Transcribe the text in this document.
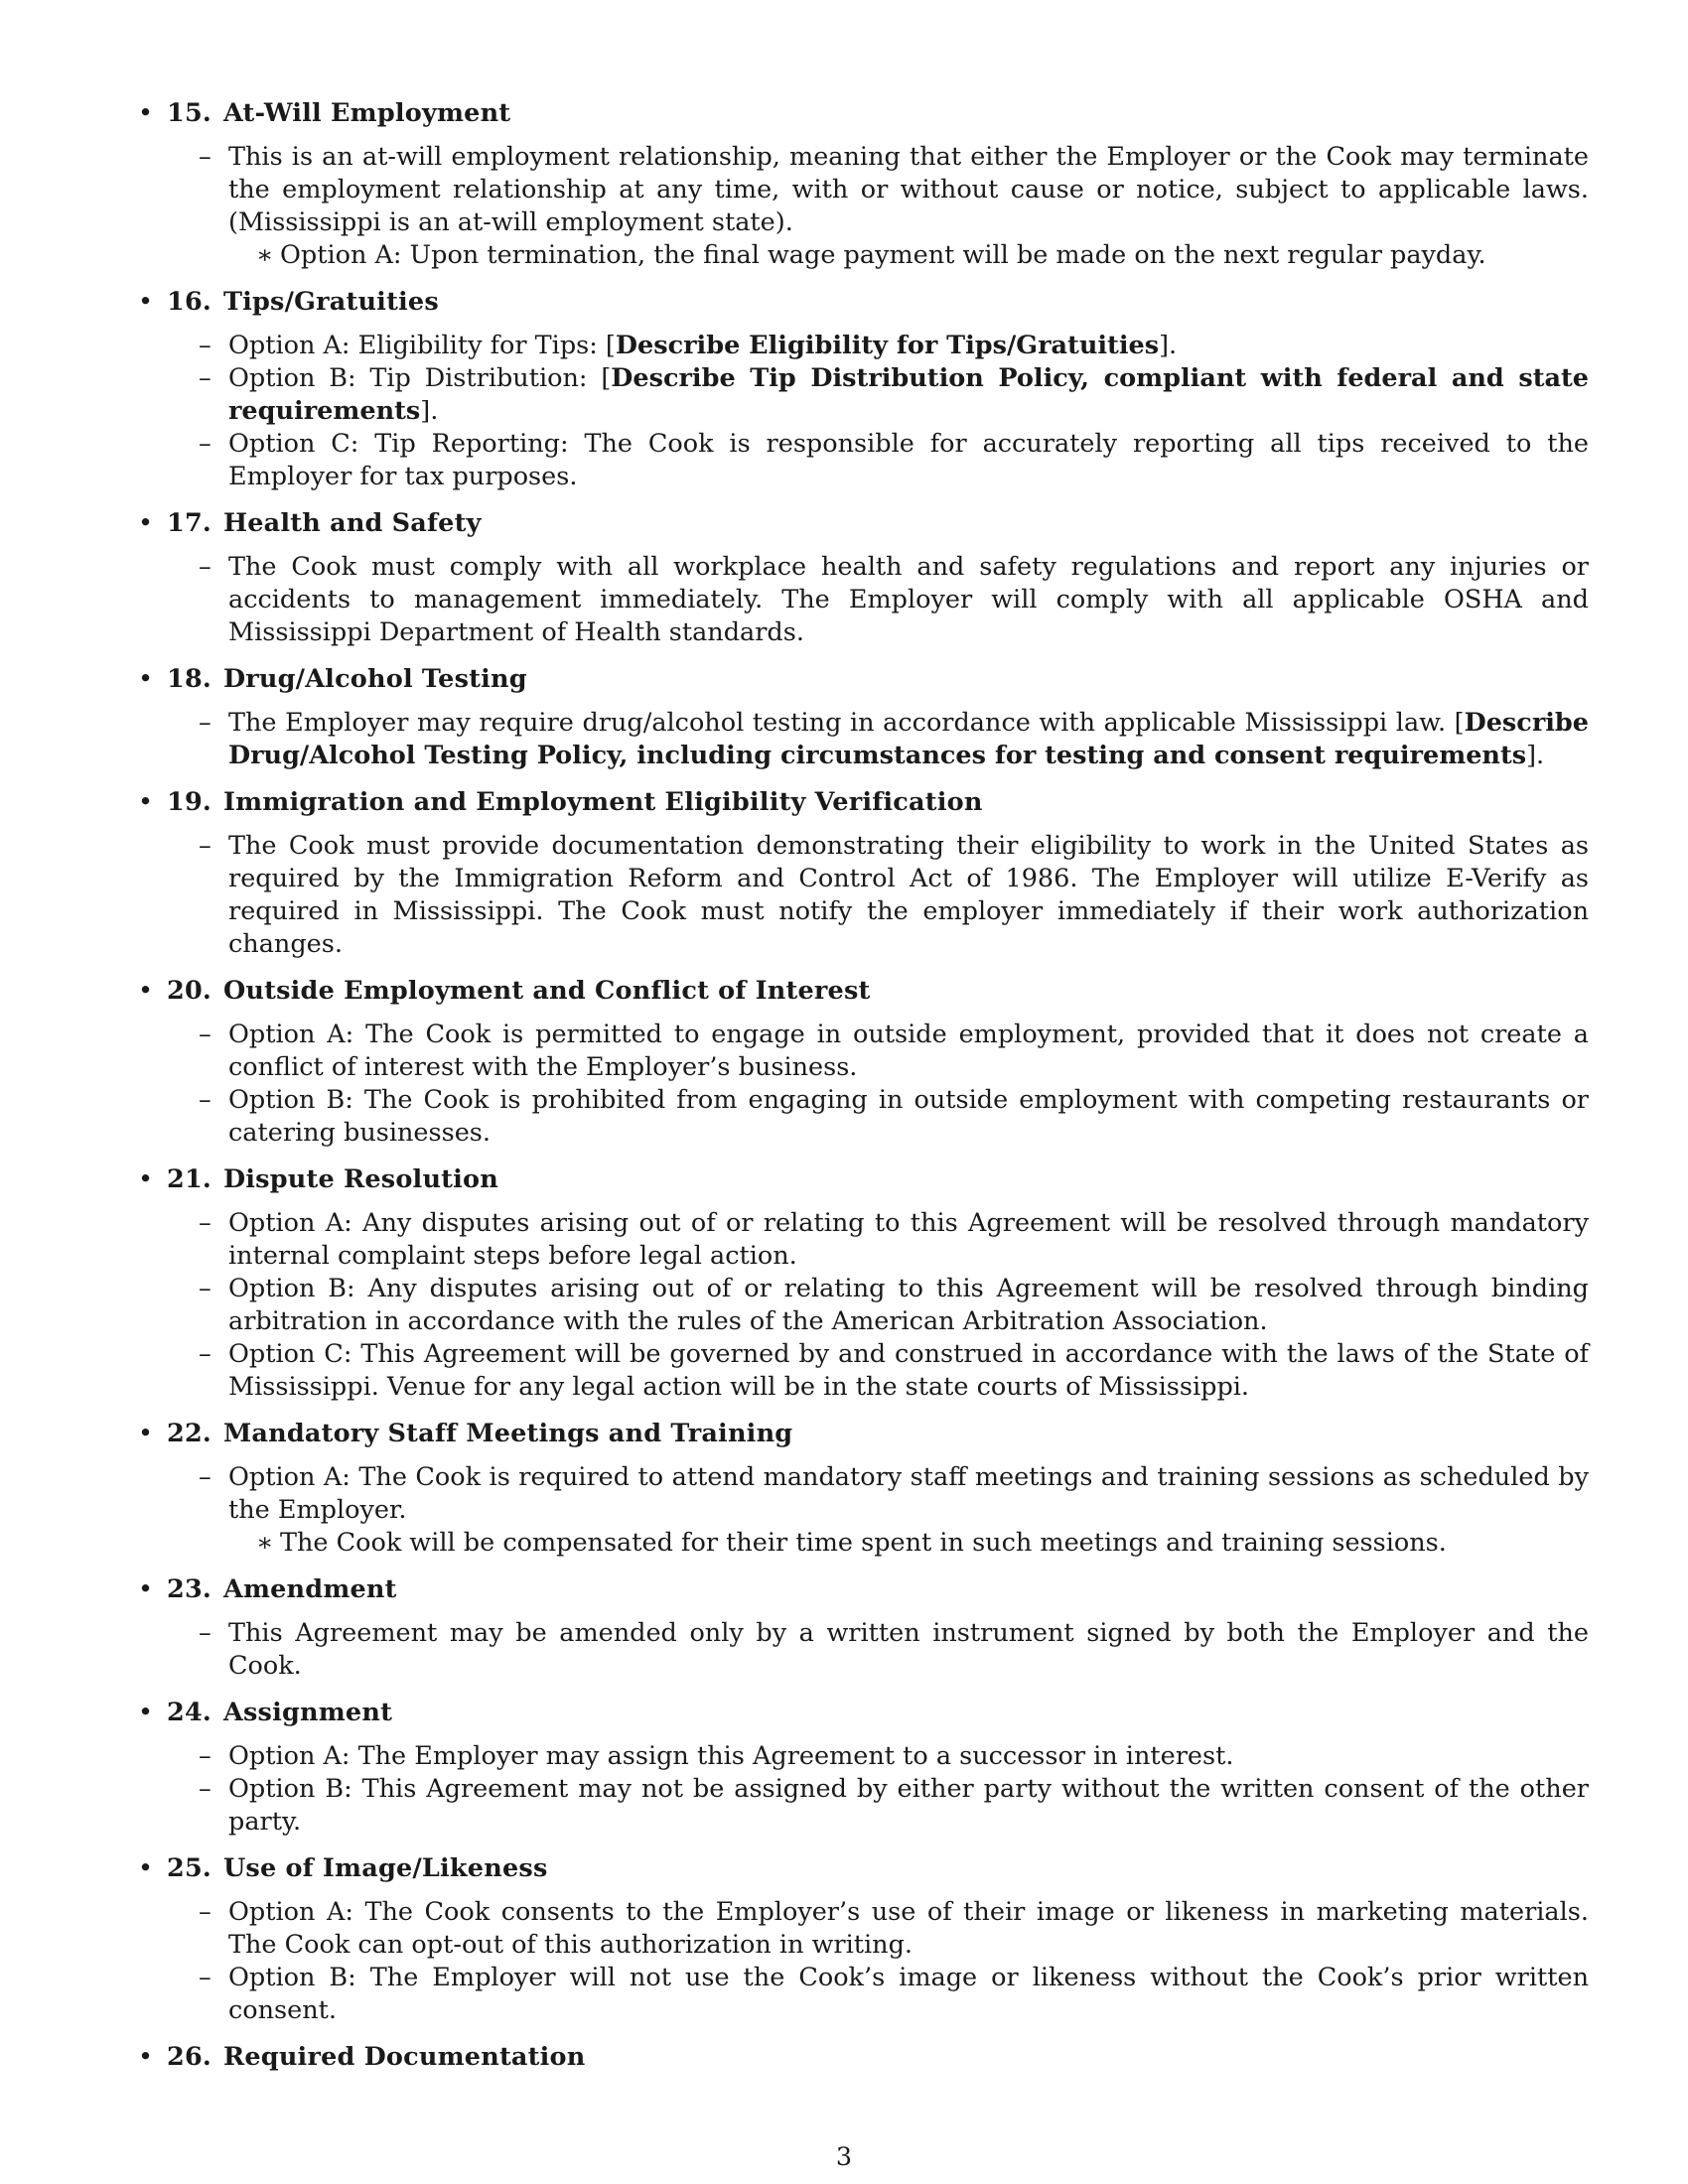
• 15. At-Will Employment
– This is an at-will employment relationship, meaning that either the Employer or the Cook may terminate the employment relationship at any time, with or without cause or notice, subject to applicable laws. (Mississippi is an at-will employment state).
∗ Option A: Upon termination, the final wage payment will be made on the next regular payday.
• 16. Tips/Gratuities
– Option A: Eligibility for Tips: [Describe Eligibility for Tips/Gratuities].
– Option B: Tip Distribution: [Describe Tip Distribution Policy, compliant with federal and state requirements].
– Option C: Tip Reporting: The Cook is responsible for accurately reporting all tips received to the Employer for tax purposes.
• 17. Health and Safety
– The Cook must comply with all workplace health and safety regulations and report any injuries or accidents to management immediately. The Employer will comply with all applicable OSHA and Mississippi Department of Health standards.
• 18. Drug/Alcohol Testing
– The Employer may require drug/alcohol testing in accordance with applicable Mississippi law. [Describe Drug/Alcohol Testing Policy, including circumstances for testing and consent requirements].
• 19. Immigration and Employment Eligibility Verification
– The Cook must provide documentation demonstrating their eligibility to work in the United States as required by the Immigration Reform and Control Act of 1986. The Employer will utilize E-Verify as required in Mississippi. The Cook must notify the employer immediately if their work authorization changes.
• 20. Outside Employment and Conflict of Interest
– Option A: The Cook is permitted to engage in outside employment, provided that it does not create a conflict of interest with the Employer’s business.
– Option B: The Cook is prohibited from engaging in outside employment with competing restaurants or catering businesses.
• 21. Dispute Resolution
– Option A: Any disputes arising out of or relating to this Agreement will be resolved through mandatory internal complaint steps before legal action.
– Option B: Any disputes arising out of or relating to this Agreement will be resolved through binding arbitration in accordance with the rules of the American Arbitration Association.
– Option C: This Agreement will be governed by and construed in accordance with the laws of the State of Mississippi. Venue for any legal action will be in the state courts of Mississippi.
• 22. Mandatory Staff Meetings and Training
– Option A: The Cook is required to attend mandatory staff meetings and training sessions as scheduled by the Employer.
∗ The Cook will be compensated for their time spent in such meetings and training sessions.
• 23. Amendment
– This Agreement may be amended only by a written instrument signed by both the Employer and the Cook.
• 24. Assignment
– Option A: The Employer may assign this Agreement to a successor in interest.
– Option B: This Agreement may not be assigned by either party without the written consent of the other party.
• 25. Use of Image/Likeness
– Option A: The Cook consents to the Employer’s use of their image or likeness in marketing materials. The Cook can opt-out of this authorization in writing.
– Option B: The Employer will not use the Cook’s image or likeness without the Cook’s prior written consent.
• 26. Required Documentation
3
